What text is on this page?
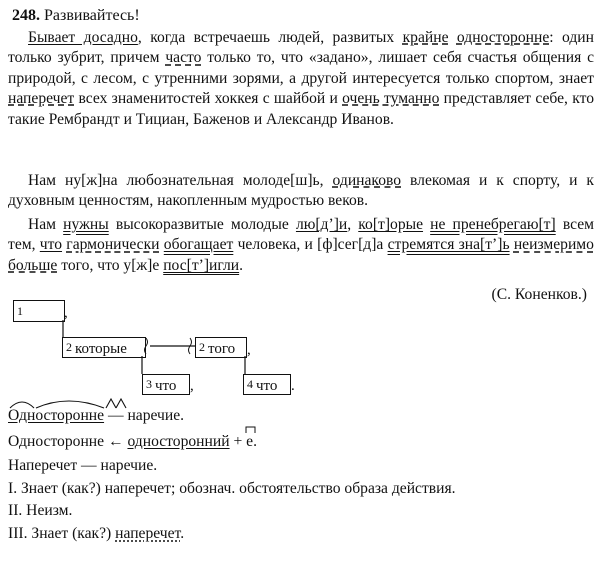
248. Развивайтесь!

Бывает досадно, когда встречаешь людей, развитых крайне односторонне: один только зубрит, причем часто только то, что «задано», лишает себя счастья общения с природой, с лесом, с утренними зорями, а другой интересуется только спортом, знает наперечет всех знаменитостей хоккея с шайбой и очень туманно представляет себе, кто такие Рембрандт и Тициан, Баженов и Александр Иванов.

Нам ну[ж]на любознательная молоде[ш]ь, одинаково влекомая и к спорту, и к духовным ценностям, накопленным мудростью веков.

Нам нужны высокоразвитые молодые лю[д’]и, ко[т]орые не пренебрегаю[т] всем тем, что гармонически обогащает человека, и [ф]сег[д]а стремятся зна[т’]ь неизмеримо больше того, что у[ж]е пос[т’]игли.

(С. Коненков.)
1	,
2 которые	2 того ,
3 что ,	4 что .
Односторонне — наречие.
Односторонне ← односторонний +
е.
Наперечет — наречие.
I. Знает (как?) наперечет; обознач. обстоятельство образа действия.
II. Неизм.
III. Знает (как?) наперечет.
